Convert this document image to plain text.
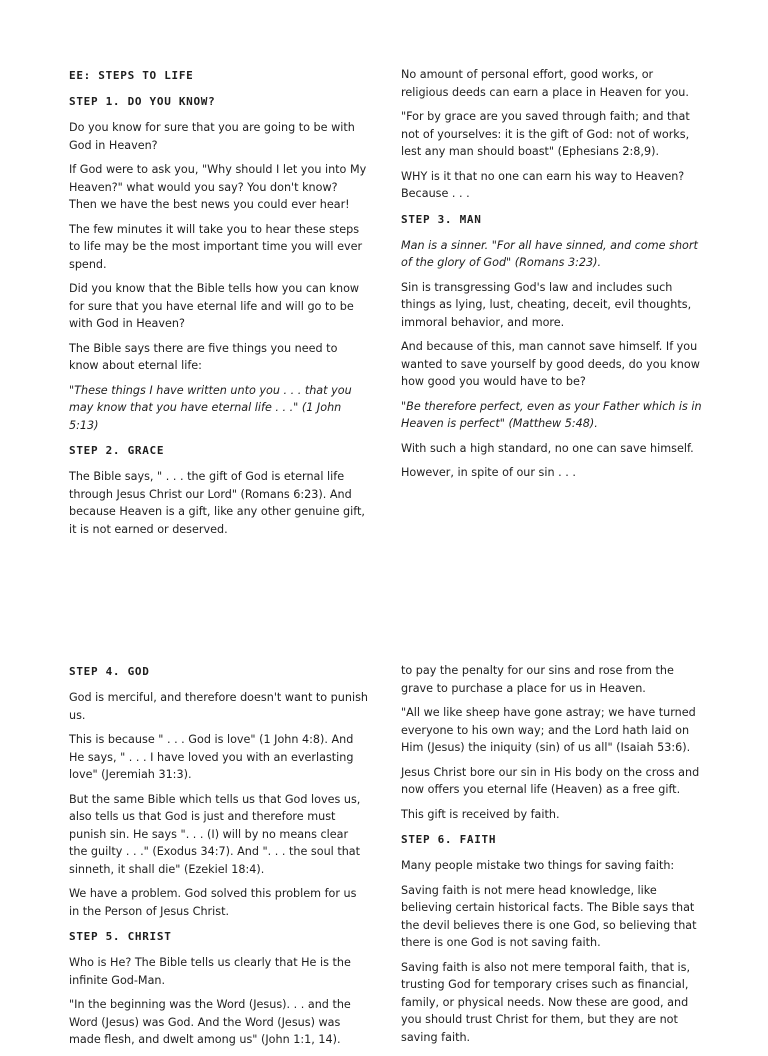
EE: STEPS TO LIFE
STEP 1. DO YOU KNOW?

Do you know for sure that you are going to be with God in Heaven?

If God were to ask you, "Why should I let you into My Heaven?" what would you say? You don't know? Then we have the best news you could ever hear!

The few minutes it will take you to hear these steps to life may be the most important time you will ever spend.

Did you know that the Bible tells how you can know for sure that you have eternal life and will go to be with God in Heaven?

The Bible says there are five things you need to know about eternal life:

"These things I have written unto you . . . that you may know that you have eternal life . . ." (1 John 5:13)

STEP 2. GRACE

The Bible says, " . . . the gift of God is eternal life through Jesus Christ our Lord" (Romans 6:23). And because Heaven is a gift, like any other genuine gift, it is not earned or deserved.

No amount of personal effort, good works, or religious deeds can earn a place in Heaven for you.

"For by grace are you saved through faith; and that not of yourselves: it is the gift of God: not of works, lest any man should boast" (Ephesians 2:8,9).

WHY is it that no one can earn his way to Heaven? Because . . .

STEP 3. MAN

Man is a sinner. "For all have sinned, and come short of the glory of God" (Romans 3:23).

Sin is transgressing God's law and includes such things as lying, lust, cheating, deceit, evil thoughts, immoral behavior, and more.

And because of this, man cannot save himself. If you wanted to save yourself by good deeds, do you know how good you would have to be?

"Be therefore perfect, even as your Father which is in Heaven is perfect" (Matthew 5:48).

With such a high standard, no one can save himself.

However, in spite of our sin . . .

STEP 4. GOD

God is merciful, and therefore doesn't want to punish us.

This is because " . . . God is love" (1 John 4:8). And He says, " . . . I have loved you with an everlasting love" (Jeremiah 31:3).

But the same Bible which tells us that God loves us, also tells us that God is just and therefore must punish sin. He says ". . . (I) will by no means clear the guilty . . ." (Exodus 34:7). And ". . . the soul that sinneth, it shall die" (Ezekiel 18:4).

We have a problem. God solved this problem for us in the Person of Jesus Christ.

STEP 5. CHRIST

Who is He? The Bible tells us clearly that He is the infinite God-Man.

"In the beginning was the Word (Jesus). . . and the Word (Jesus) was God. And the Word (Jesus) was made flesh, and dwelt among us" (John 1:1, 14).

to pay the penalty for our sins and rose from the grave to purchase a place for us in Heaven.

"All we like sheep have gone astray; we have turned everyone to his own way; and the Lord hath laid on Him (Jesus) the iniquity (sin) of us all" (Isaiah 53:6).

Jesus Christ bore our sin in His body on the cross and now offers you eternal life (Heaven) as a free gift.

This gift is received by faith.

STEP 6. FAITH

Many people mistake two things for saving faith:

Saving faith is not mere head knowledge, like believing certain historical facts. The Bible says that the devil believes there is one God, so believing that there is one God is not saving faith.

Saving faith is also not mere temporal faith, that is, trusting God for temporary crises such as financial, family, or physical needs. Now these are good, and you should trust Christ for them, but they are not saving faith.
